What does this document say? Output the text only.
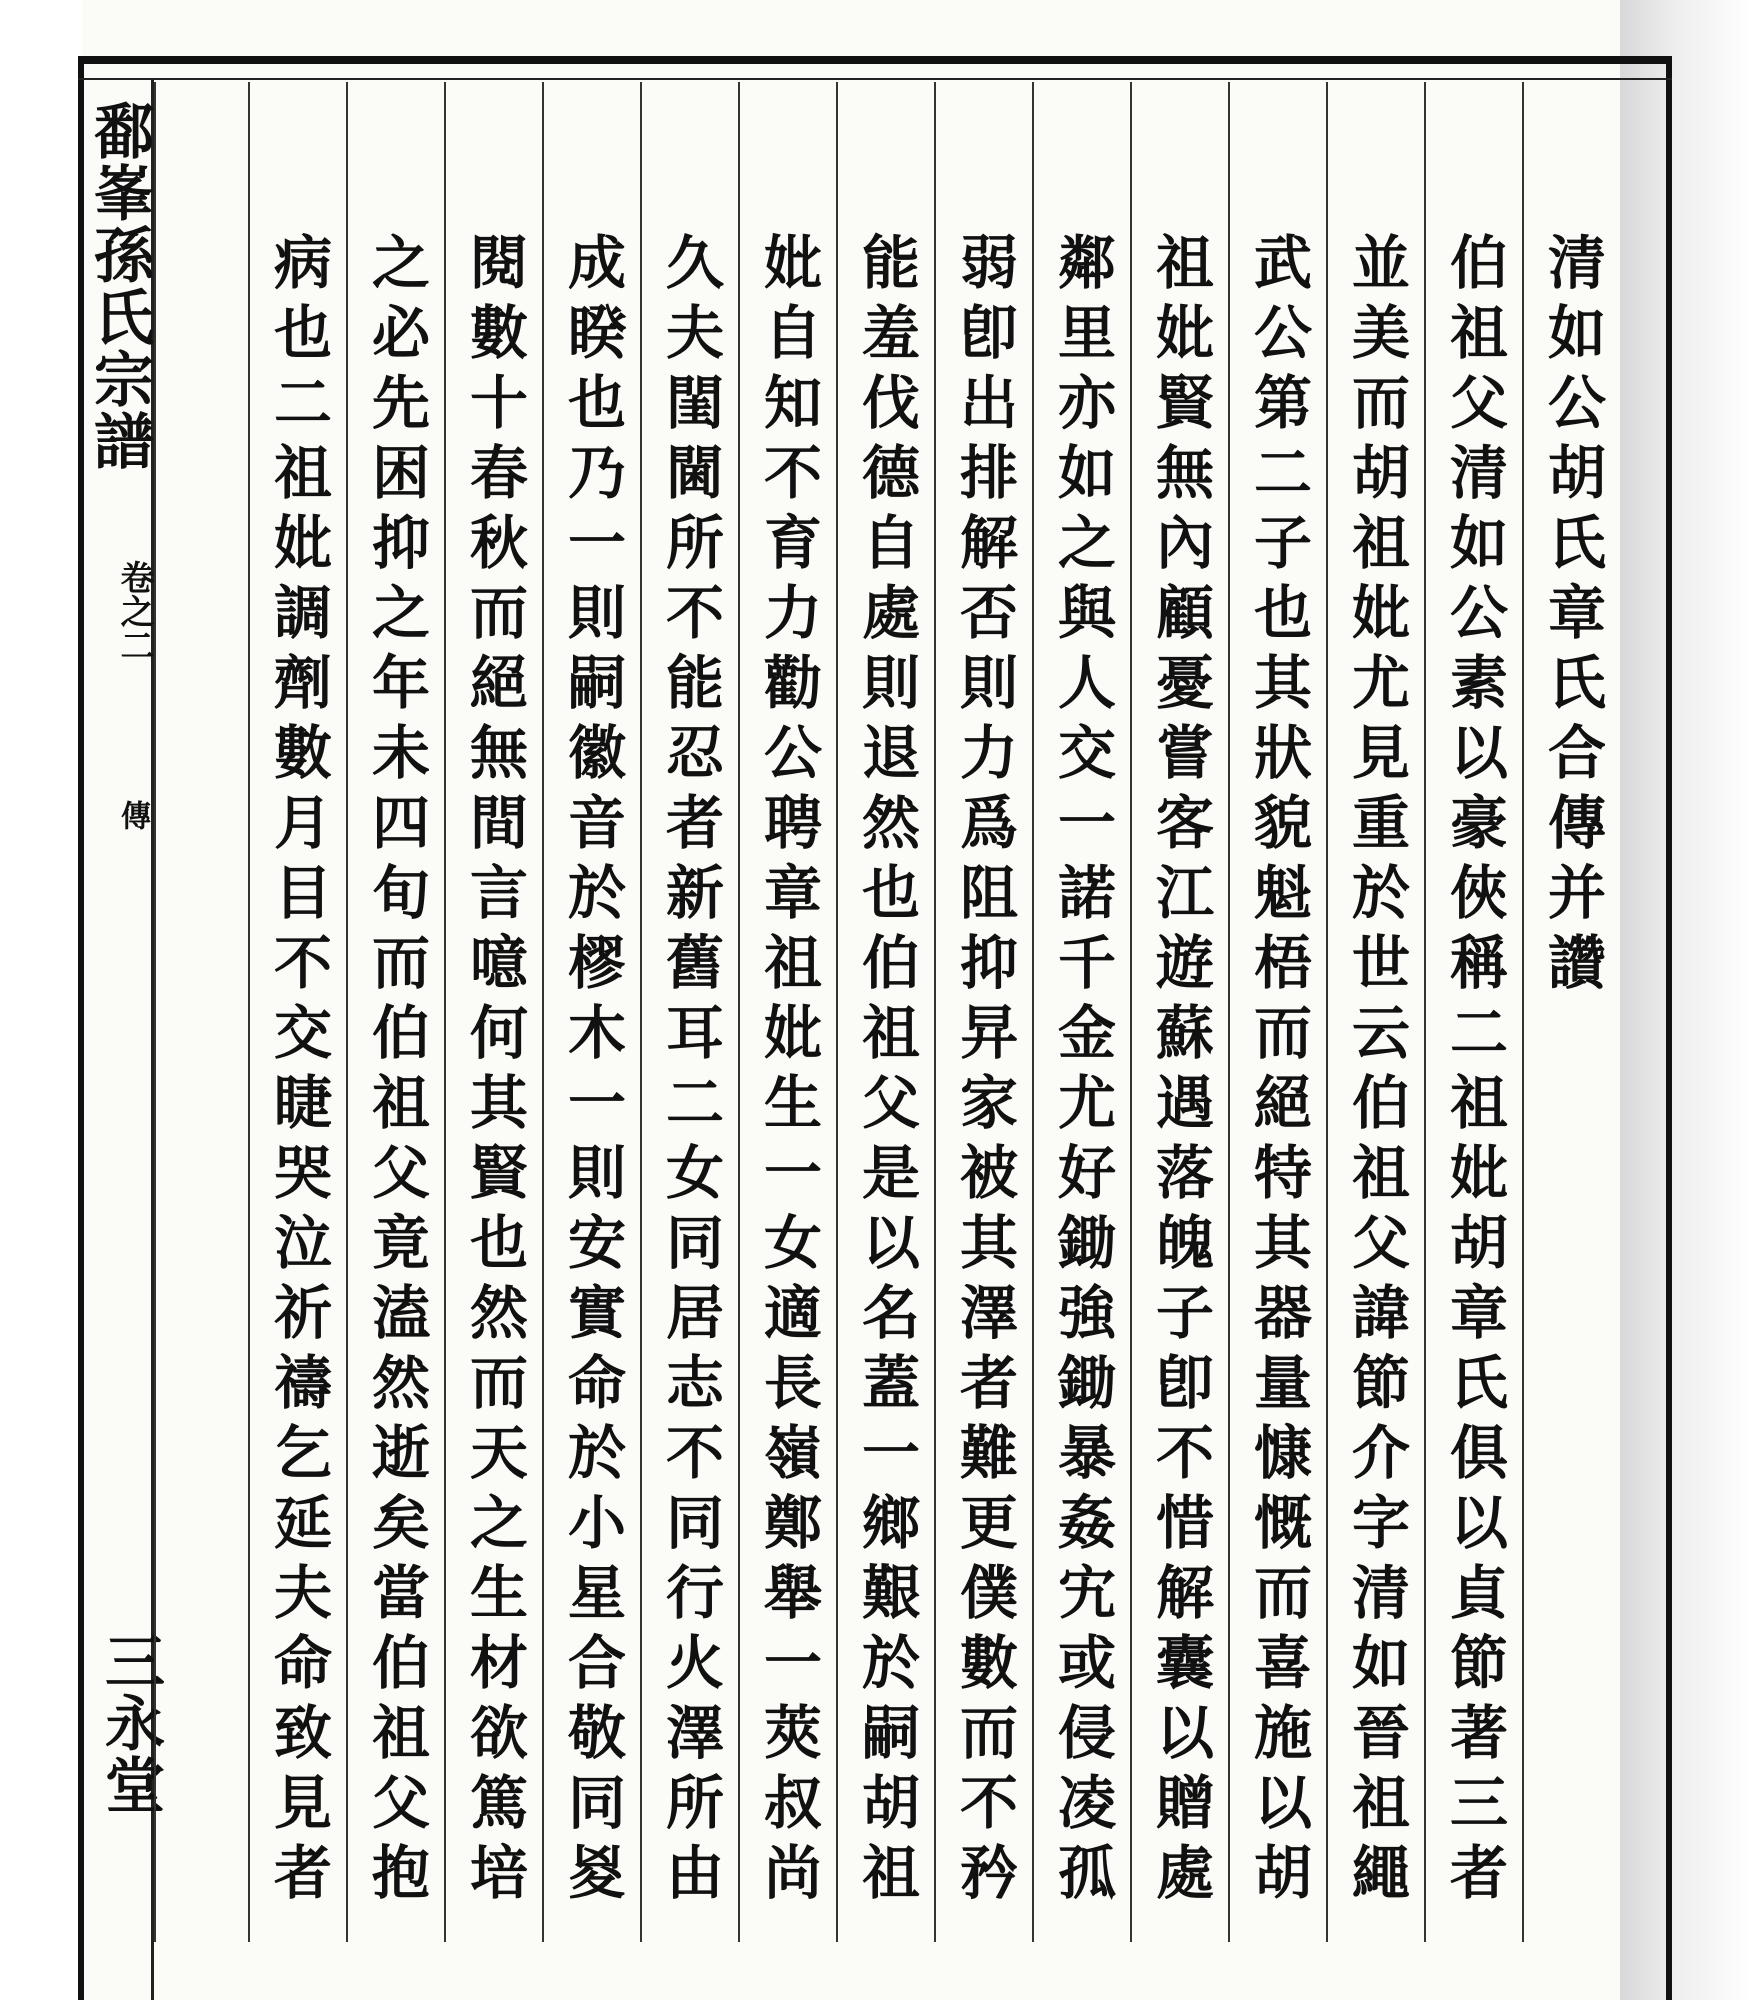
鄱峯孫氏宗譜
卷之二
傳
三永堂
清如公胡氏章氏合傳并讚
伯祖父清如公素以豪俠稱二祖妣胡章氏俱以貞節著三者
並美而胡祖妣尤見重於世云伯祖父諱節介字清如晉祖繩
武公第二子也其狀貌魁梧而絕特其器量慷慨而喜施以胡
祖妣賢無內顧憂嘗客江遊蘇遇落魄子卽不惜解囊以贈處
鄰里亦如之與人交一諾千金尤好鋤強鋤暴姦宄或侵凌孤
弱卽出排解否則力爲阻抑㫒家被其澤者難更僕數而不矜
能羞伐德自處則退然也伯祖父是以名蓋一鄉艱於嗣胡祖
妣自知不育力勸公聘章祖妣生一女適長嶺鄭舉一莢叔尚
久夫閨閫所不能忍者新舊耳二女同居志不同行火澤所由
成睽也乃一則嗣徽音於樛木一則安實命於小星合敬同㚇
閱數十春秋而絕無間言噫何其賢也然而天之生材欲篤培
之必先困抑之年未四旬而伯祖父竟溘然逝矣當伯祖父抱
病也二祖妣調劑數月目不交睫哭泣祈禱乞延夫命致見者
